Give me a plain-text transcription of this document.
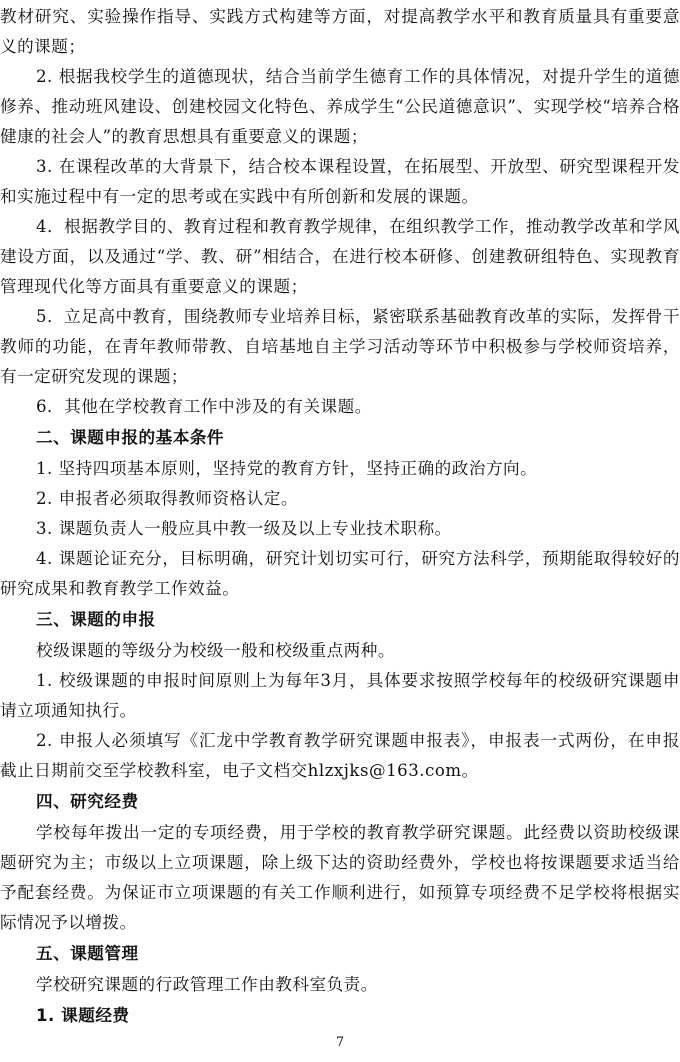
教材研究、实验操作指导、实践方式构建等方面，对提高教学水平和教育质量具有重要意义的课题；

2. 根据我校学生的道德现状，结合当前学生德育工作的具体情况，对提升学生的道德修养、推动班风建设、创建校园文化特色、养成学生“公民道德意识”、实现学校“培养合格健康的社会人”的教育思想具有重要意义的课题；

3. 在课程改革的大背景下，结合校本课程设置，在拓展型、开放型、研究型课程开发和实施过程中有一定的思考或在实践中有所创新和发展的课题。

4．根据教学目的、教育过程和教育教学规律，在组织教学工作，推动教学改革和学风建设方面，以及通过“学、教、研”相结合，在进行校本研修、创建教研组特色、实现教育管理现代化等方面具有重要意义的课题；

5．立足高中教育，围绕教师专业培养目标，紧密联系基础教育改革的实际，发挥骨干教师的功能，在青年教师带教、自培基地自主学习活动等环节中积极参与学校师资培养，有一定研究发现的课题；

6．其他在学校教育工作中涉及的有关课题。

二、课题申报的基本条件

1. 坚持四项基本原则，坚持党的教育方针，坚持正确的政治方向。

2. 申报者必须取得教师资格认定。

3. 课题负责人一般应具中教一级及以上专业技术职称。

4. 课题论证充分，目标明确，研究计划切实可行，研究方法科学，预期能取得较好的研究成果和教育教学工作效益。

三、课题的申报

校级课题的等级分为校级一般和校级重点两种。

1. 校级课题的申报时间原则上为每年3月，具体要求按照学校每年的校级研究课题申请立项通知执行。

2. 申报人必须填写《汇龙中学教育教学研究课题申报表》，申报表一式两份，在申报截止日期前交至学校教科室，电子文档交hlzxjks@163.com。

四、研究经费

学校每年拨出一定的专项经费，用于学校的教育教学研究课题。此经费以资助校级课题研究为主；市级以上立项课题，除上级下达的资助经费外，学校也将按课题要求适当给予配套经费。为保证市立项课题的有关工作顺利进行，如预算专项经费不足学校将根据实际情况予以增拨。

五、课题管理

学校研究课题的行政管理工作由教科室负责。

1. 课题经费

7
